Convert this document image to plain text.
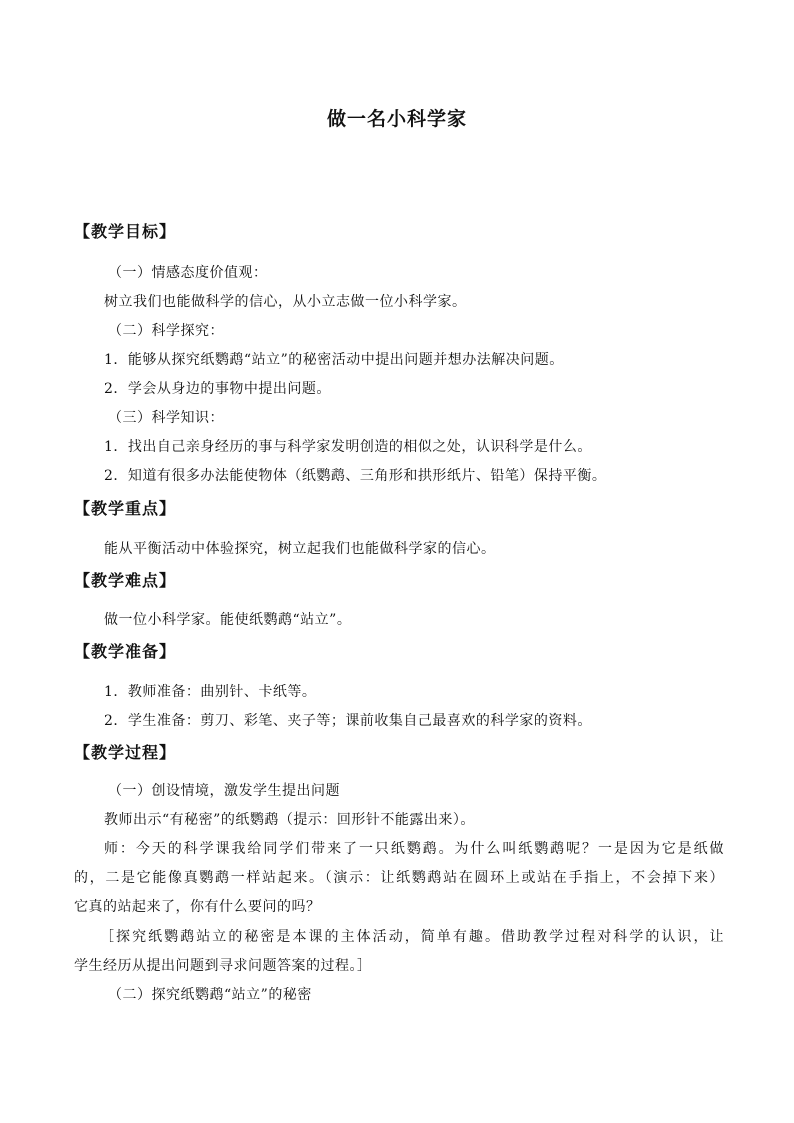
做一名小科学家
【教学目标】
（一）情感态度价值观：
树立我们也能做科学的信心，从小立志做一位小科学家。
（二）科学探究：
1．能够从探究纸鹦鹉“站立”的秘密活动中提出问题并想办法解决问题。
2．学会从身边的事物中提出问题。
（三）科学知识：
1．找出自己亲身经历的事与科学家发明创造的相似之处，认识科学是什么。
2．知道有很多办法能使物体（纸鹦鹉、三角形和拱形纸片、铅笔）保持平衡。
【教学重点】
能从平衡活动中体验探究，树立起我们也能做科学家的信心。
【教学难点】
做一位小科学家。能使纸鹦鹉“站立”。
【教学准备】
1．教师准备：曲别针、卡纸等。
2．学生准备：剪刀、彩笔、夹子等；课前收集自己最喜欢的科学家的资料。
【教学过程】
（一）创设情境，激发学生提出问题
教师出示“有秘密”的纸鹦鹉（提示：回形针不能露出来）。
师：今天的科学课我给同学们带来了一只纸鹦鹉。为什么叫纸鹦鹉呢？一是因为它是纸做
的，二是它能像真鹦鹉一样站起来。（演示：让纸鹦鹉站在圆环上或站在手指上，不会掉下来）
它真的站起来了，你有什么要问的吗？
［探究纸鹦鹉站立的秘密是本课的主体活动，简单有趣。借助教学过程对科学的认识，让
学生经历从提出问题到寻求问题答案的过程。］
（二）探究纸鹦鹉“站立”的秘密
